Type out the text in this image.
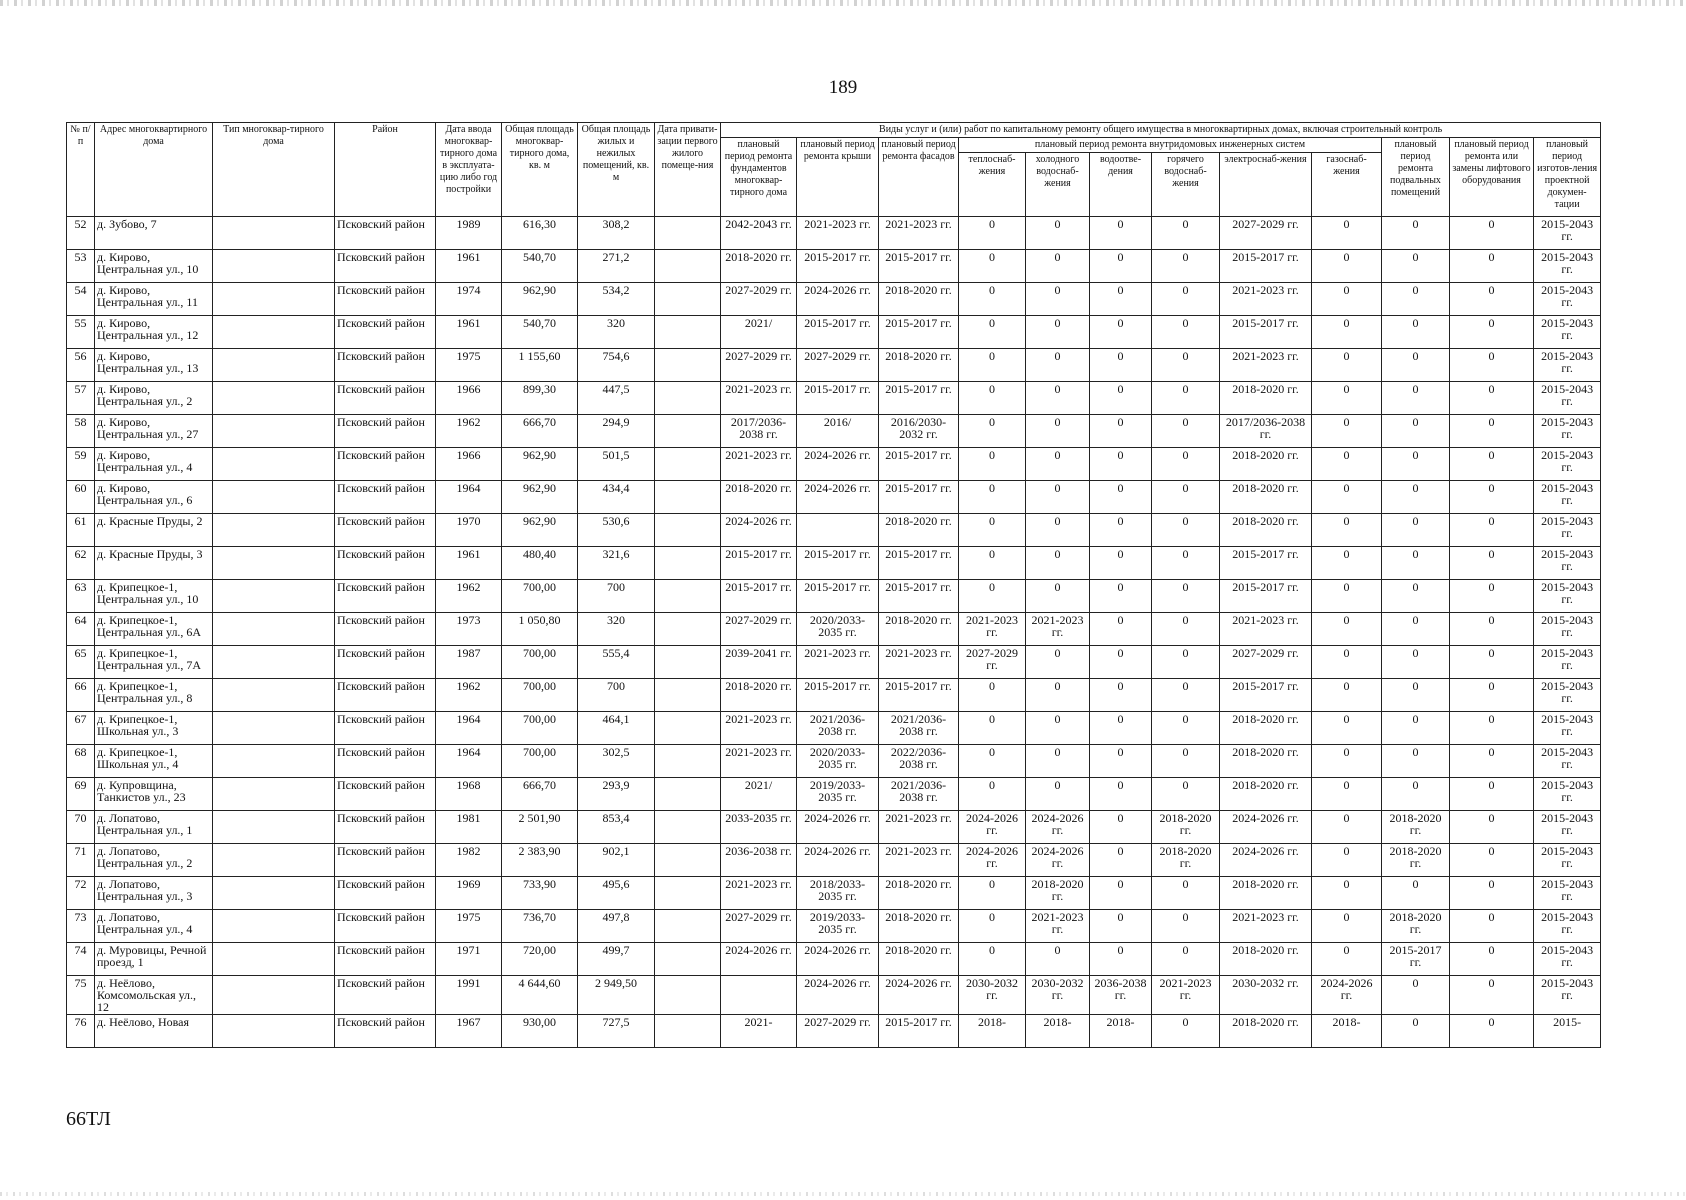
189
№ п/п	Адрес многоквартирного дома	Тип многоквар-тирного дома	Район	Дата ввода многоквар-тирного дома в эксплуата-цию либо год постройки	Общая площадь многоквар-тирного дома, кв. м	Общая площадь жилых и нежилых помещений, кв. м	Дата привати-зации первого жилого помеще-ния	Виды услуг и (или) работ по капитальному ремонту общего имущества в многоквартирных домах, включая строительный контроль											
								плановый период ремонта фундаментов многоквар-тирного дома	плановый период ремонта крыши	плановый период ремонта фасадов	плановый период ремонта внутридомовых инженерных систем						плановый период ремонта подвальных помещений	плановый период ремонта или замены лифтового оборудования	плановый период изготов-ления проектной докумен-тации
											теплоснаб-жения	холодного водоснаб-жения	водоотве-дения	горячего водоснаб-жения	электроснаб-жения	газоснаб-жения			
52	д. Зубово, 7		Псковский район	1989	616,30	308,2		2042-2043 гг.	2021-2023 гг.	2021-2023 гг.	0	0	0	0	2027-2029 гг.	0	0	0	2015-2043 гг.
53	д. Кирово, Центральная ул., 10		Псковский район	1961	540,70	271,2		2018-2020 гг.	2015-2017 гг.	2015-2017 гг.	0	0	0	0	2015-2017 гг.	0	0	0	2015-2043 гг.
54	д. Кирово, Центральная ул., 11		Псковский район	1974	962,90	534,2		2027-2029 гг.	2024-2026 гг.	2018-2020 гг.	0	0	0	0	2021-2023 гг.	0	0	0	2015-2043 гг.
55	д. Кирово, Центральная ул., 12		Псковский район	1961	540,70	320		2021/	2015-2017 гг.	2015-2017 гг.	0	0	0	0	2015-2017 гг.	0	0	0	2015-2043 гг.
56	д. Кирово, Центральная ул., 13		Псковский район	1975	1 155,60	754,6		2027-2029 гг.	2027-2029 гг.	2018-2020 гг.	0	0	0	0	2021-2023 гг.	0	0	0	2015-2043 гг.
57	д. Кирово, Центральная ул., 2		Псковский район	1966	899,30	447,5		2021-2023 гг.	2015-2017 гг.	2015-2017 гг.	0	0	0	0	2018-2020 гг.	0	0	0	2015-2043 гг.
58	д. Кирово, Центральная ул., 27		Псковский район	1962	666,70	294,9		2017/2036-2038 гг.	2016/	2016/2030-2032 гг.	0	0	0	0	2017/2036-2038 гг.	0	0	0	2015-2043 гг.
59	д. Кирово, Центральная ул., 4		Псковский район	1966	962,90	501,5		2021-2023 гг.	2024-2026 гг.	2015-2017 гг.	0	0	0	0	2018-2020 гг.	0	0	0	2015-2043 гг.
60	д. Кирово, Центральная ул., 6		Псковский район	1964	962,90	434,4		2018-2020 гг.	2024-2026 гг.	2015-2017 гг.	0	0	0	0	2018-2020 гг.	0	0	0	2015-2043 гг.
61	д. Красные Пруды, 2		Псковский район	1970	962,90	530,6		2024-2026 гг.		2018-2020 гг.	0	0	0	0	2018-2020 гг.	0	0	0	2015-2043 гг.
62	д. Красные Пруды, 3		Псковский район	1961	480,40	321,6		2015-2017 гг.	2015-2017 гг.	2015-2017 гг.	0	0	0	0	2015-2017 гг.	0	0	0	2015-2043 гг.
63	д. Крипецкое-1, Центральная ул., 10		Псковский район	1962	700,00	700		2015-2017 гг.	2015-2017 гг.	2015-2017 гг.	0	0	0	0	2015-2017 гг.	0	0	0	2015-2043 гг.
64	д. Крипецкое-1, Центральная ул., 6А		Псковский район	1973	1 050,80	320		2027-2029 гг.	2020/2033-2035 гг.	2018-2020 гг.	2021-2023 гг.	2021-2023 гг.	0	0	2021-2023 гг.	0	0	0	2015-2043 гг.
65	д. Крипецкое-1, Центральная ул., 7А		Псковский район	1987	700,00	555,4		2039-2041 гг.	2021-2023 гг.	2021-2023 гг.	2027-2029 гг.	0	0	0	2027-2029 гг.	0	0	0	2015-2043 гг.
66	д. Крипецкое-1, Центральная ул., 8		Псковский район	1962	700,00	700		2018-2020 гг.	2015-2017 гг.	2015-2017 гг.	0	0	0	0	2015-2017 гг.	0	0	0	2015-2043 гг.
67	д. Крипецкое-1, Школьная ул., 3		Псковский район	1964	700,00	464,1		2021-2023 гг.	2021/2036-2038 гг.	2021/2036-2038 гг.	0	0	0	0	2018-2020 гг.	0	0	0	2015-2043 гг.
68	д. Крипецкое-1, Школьная ул., 4		Псковский район	1964	700,00	302,5		2021-2023 гг.	2020/2033-2035 гг.	2022/2036-2038 гг.	0	0	0	0	2018-2020 гг.	0	0	0	2015-2043 гг.
69	д. Купровщина, Танкистов ул., 23		Псковский район	1968	666,70	293,9		2021/	2019/2033-2035 гг.	2021/2036-2038 гг.	0	0	0	0	2018-2020 гг.	0	0	0	2015-2043 гг.
70	д. Лопатово, Центральная ул., 1		Псковский район	1981	2 501,90	853,4		2033-2035 гг.	2024-2026 гг.	2021-2023 гг.	2024-2026 гг.	2024-2026 гг.	0	2018-2020 гг.	2024-2026 гг.	0	2018-2020 гг.	0	2015-2043 гг.
71	д. Лопатово, Центральная ул., 2		Псковский район	1982	2 383,90	902,1		2036-2038 гг.	2024-2026 гг.	2021-2023 гг.	2024-2026 гг.	2024-2026 гг.	0	2018-2020 гг.	2024-2026 гг.	0	2018-2020 гг.	0	2015-2043 гг.
72	д. Лопатово, Центральная ул., 3		Псковский район	1969	733,90	495,6		2021-2023 гг.	2018/2033-2035 гг.	2018-2020 гг.	0	2018-2020 гг.	0	0	2018-2020 гг.	0	0	0	2015-2043 гг.
73	д. Лопатово, Центральная ул., 4		Псковский район	1975	736,70	497,8		2027-2029 гг.	2019/2033-2035 гг.	2018-2020 гг.	0	2021-2023 гг.	0	0	2021-2023 гг.	0	2018-2020 гг.	0	2015-2043 гг.
74	д. Муровицы, Речной проезд, 1		Псковский район	1971	720,00	499,7		2024-2026 гг.	2024-2026 гг.	2018-2020 гг.	0	0	0	0	2018-2020 гг.	0	2015-2017 гг.	0	2015-2043 гг.
75	д. Неёлово, Комсомольская ул., 12		Псковский район	1991	4 644,60	2 949,50			2024-2026 гг.	2024-2026 гг.	2030-2032 гг.	2030-2032 гг.	2036-2038 гг.	2021-2023 гг.	2030-2032 гг.	2024-2026 гг.	0	0	2015-2043 гг.
76	д. Неёлово, Новая		Псковский район	1967	930,00	727,5		2021-	2027-2029 гг.	2015-2017 гг.	2018-	2018-	2018-	0	2018-2020 гг.	2018-	0	0	2015-
66ТЛ
